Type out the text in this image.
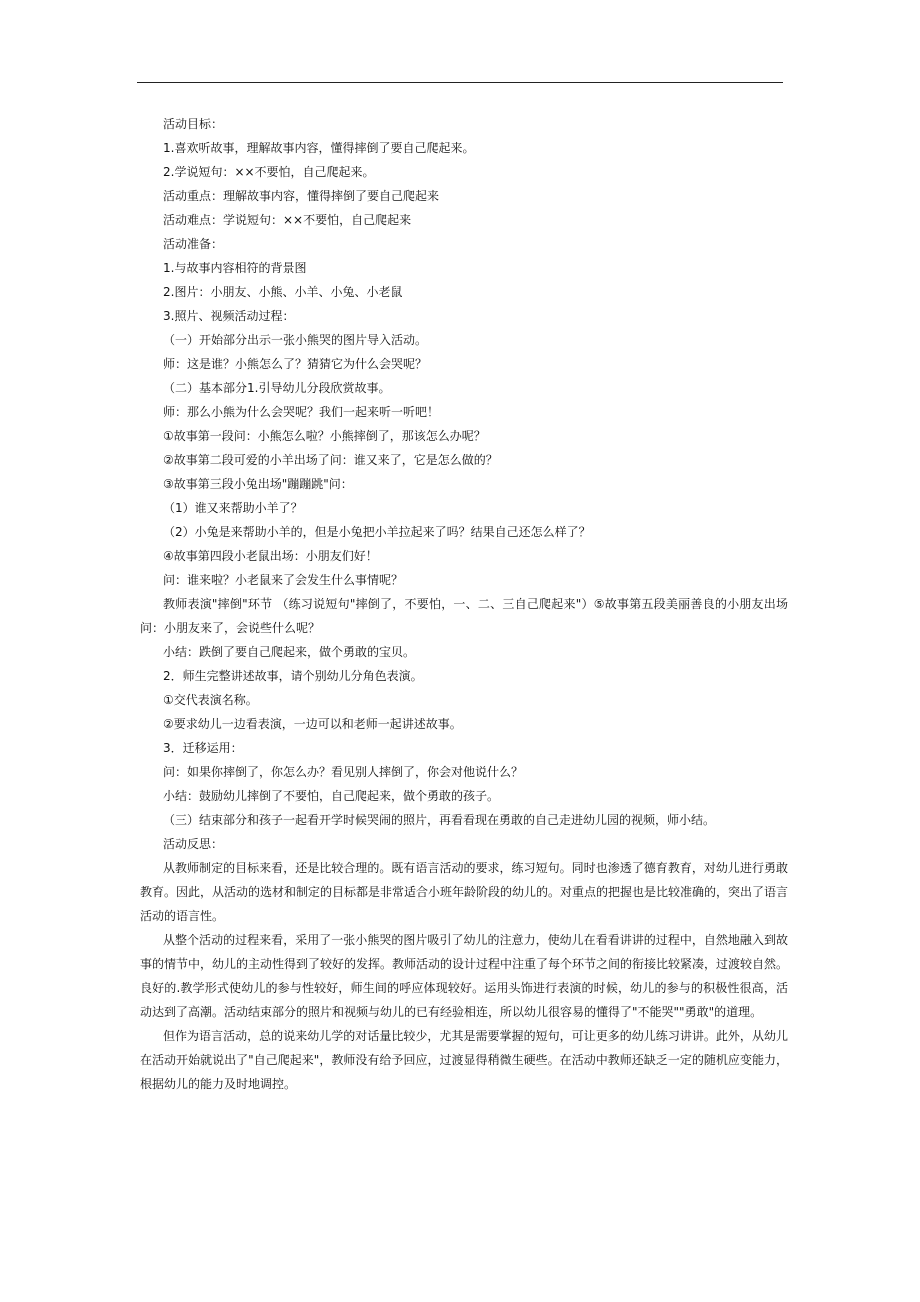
活动目标：
1.喜欢听故事，理解故事内容，懂得摔倒了要自己爬起来。
2.学说短句：××不要怕，自己爬起来。
活动重点：理解故事内容，懂得摔倒了要自己爬起来
活动难点：学说短句：××不要怕，自己爬起来
活动准备：
1.与故事内容相符的背景图
2.图片：小朋友、小熊、小羊、小兔、小老鼠
3.照片、视频活动过程：
（一）开始部分出示一张小熊哭的图片导入活动。
师：这是谁？小熊怎么了？猜猜它为什么会哭呢？
（二）基本部分1.引导幼儿分段欣赏故事。
师：那么小熊为什么会哭呢？我们一起来听一听吧！
①故事第一段问：小熊怎么啦？小熊摔倒了，那该怎么办呢？
②故事第二段可爱的小羊出场了问：谁又来了，它是怎么做的？
③故事第三段小兔出场"蹦蹦跳"问：
（1）谁又来帮助小羊了？
（2）小兔是来帮助小羊的，但是小兔把小羊拉起来了吗？结果自己还怎么样了？
④故事第四段小老鼠出场：小朋友们好！
问：谁来啦？小老鼠来了会发生什么事情呢？

教师表演"摔倒"环节 （练习说短句"摔倒了，不要怕，一、二、三自己爬起来"）⑤故事第五段美丽善良的小朋友出场问：小朋友来了，会说些什么呢？

小结：跌倒了要自己爬起来，做个勇敢的宝贝。
2．师生完整讲述故事，请个别幼儿分角色表演。
①交代表演名称。
②要求幼儿一边看表演，一边可以和老师一起讲述故事。
3．迁移运用：
问：如果你摔倒了，你怎么办？看见别人摔倒了，你会对他说什么？
小结：鼓励幼儿摔倒了不要怕，自己爬起来，做个勇敢的孩子。
（三）结束部分和孩子一起看开学时候哭闹的照片，再看看现在勇敢的自己走进幼儿园的视频，师小结。
活动反思：

从教师制定的目标来看，还是比较合理的。既有语言活动的要求，练习短句。同时也渗透了德育教育，对幼儿进行勇敢教育。因此，从活动的选材和制定的目标都是非常适合小班年龄阶段的幼儿的。对重点的把握也是比较准确的，突出了语言活动的语言性。

从整个活动的过程来看，采用了一张小熊哭的图片吸引了幼儿的注意力，使幼儿在看看讲讲的过程中，自然地融入到故事的情节中，幼儿的主动性得到了较好的发挥。教师活动的设计过程中注重了每个环节之间的衔接比较紧凑，过渡较自然。良好的.教学形式使幼儿的参与性较好，师生间的呼应体现较好。运用头饰进行表演的时候，幼儿的参与的积极性很高，活动达到了高潮。活动结束部分的照片和视频与幼儿的已有经验相连，所以幼儿很容易的懂得了"不能哭""勇敢"的道理。

但作为语言活动，总的说来幼儿学的对话量比较少，尤其是需要掌握的短句，可让更多的幼儿练习讲讲。此外，从幼儿在活动开始就说出了"自己爬起来"，教师没有给予回应，过渡显得稍微生硬些。在活动中教师还缺乏一定的随机应变能力，根据幼儿的能力及时地调控。
